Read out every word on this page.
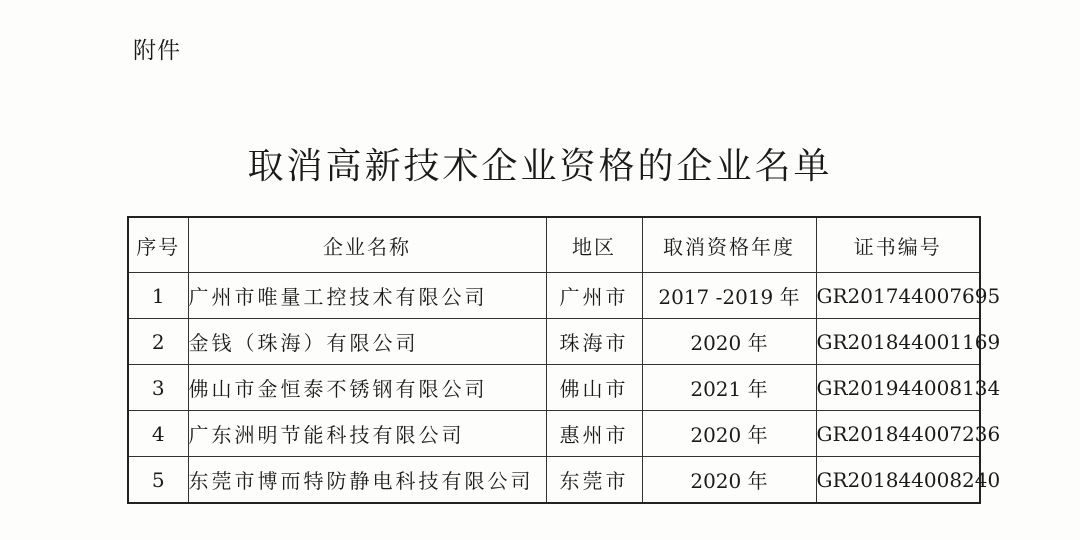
附件
取消高新技术企业资格的企业名单
序号	企业名称	地区	取消资格年度	证书编号
1	广州市唯量工控技术有限公司	广州市	2017 -2019 年	GR201744007695
2	金钱（珠海）有限公司	珠海市	2020 年	GR201844001169
3	佛山市金恒泰不锈钢有限公司	佛山市	2021 年	GR201944008134
4	广东洲明节能科技有限公司	惠州市	2020 年	GR201844007236
5	东莞市博而特防静电科技有限公司	东莞市	2020 年	GR201844008240
